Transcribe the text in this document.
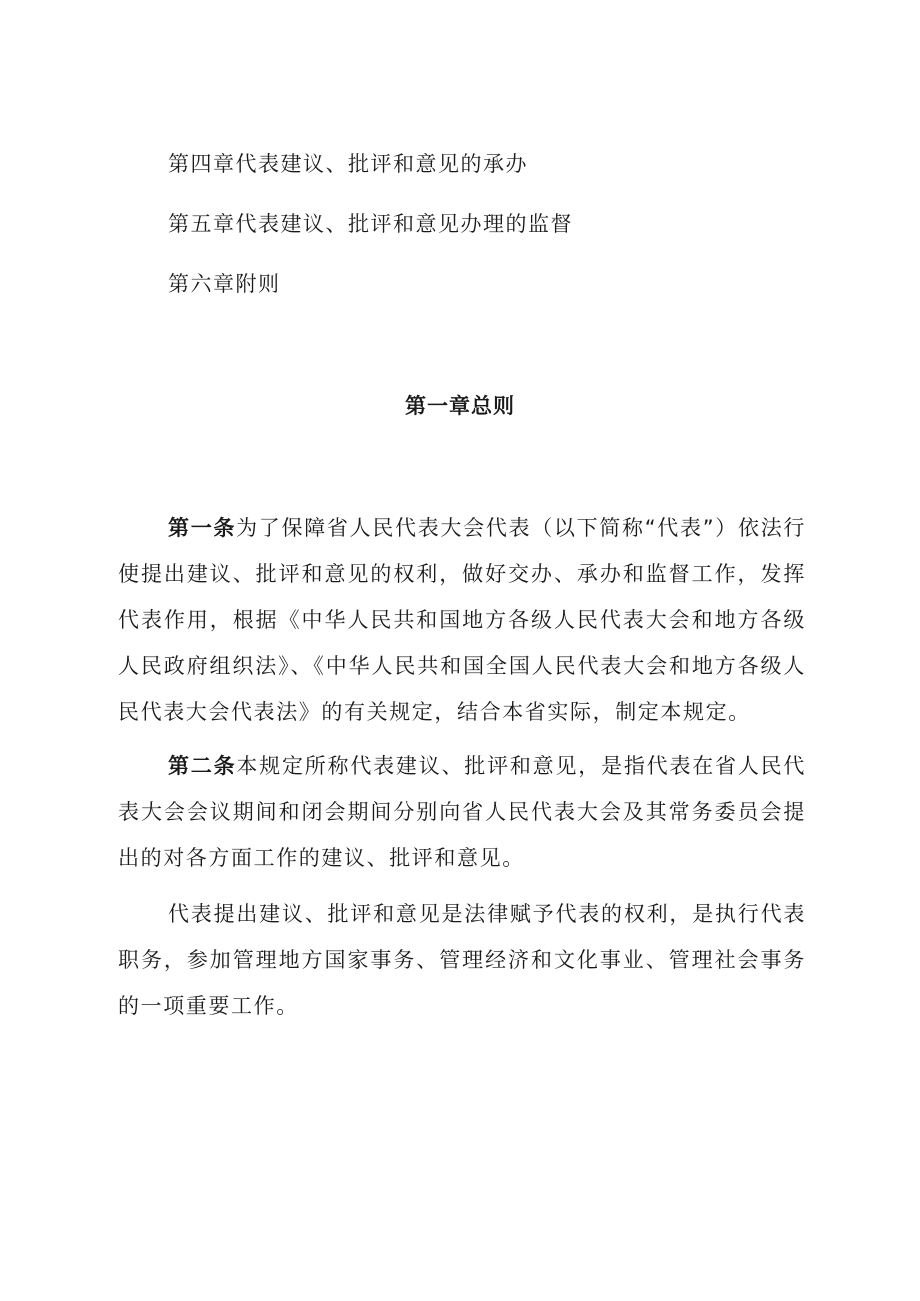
第四章代表建议、批评和意见的承办
第五章代表建议、批评和意见办理的监督
第六章附则
第一章总则

第一条为了保障省人民代表大会代表（以下简称“代表”）依法行使提出建议、批评和意见的权利，做好交办、承办和监督工作，发挥代表作用，根据《中华人民共和国地方各级人民代表大会和地方各级人民政府组织法》、《中华人民共和国全国人民代表大会和地方各级人民代表大会代表法》的有关规定，结合本省实际，制定本规定。

第二条本规定所称代表建议、批评和意见，是指代表在省人民代表大会会议期间和闭会期间分别向省人民代表大会及其常务委员会提出的对各方面工作的建议、批评和意见。

代表提出建议、批评和意见是法律赋予代表的权利，是执行代表职务，参加管理地方国家事务、管理经济和文化事业、管理社会事务的一项重要工作。
